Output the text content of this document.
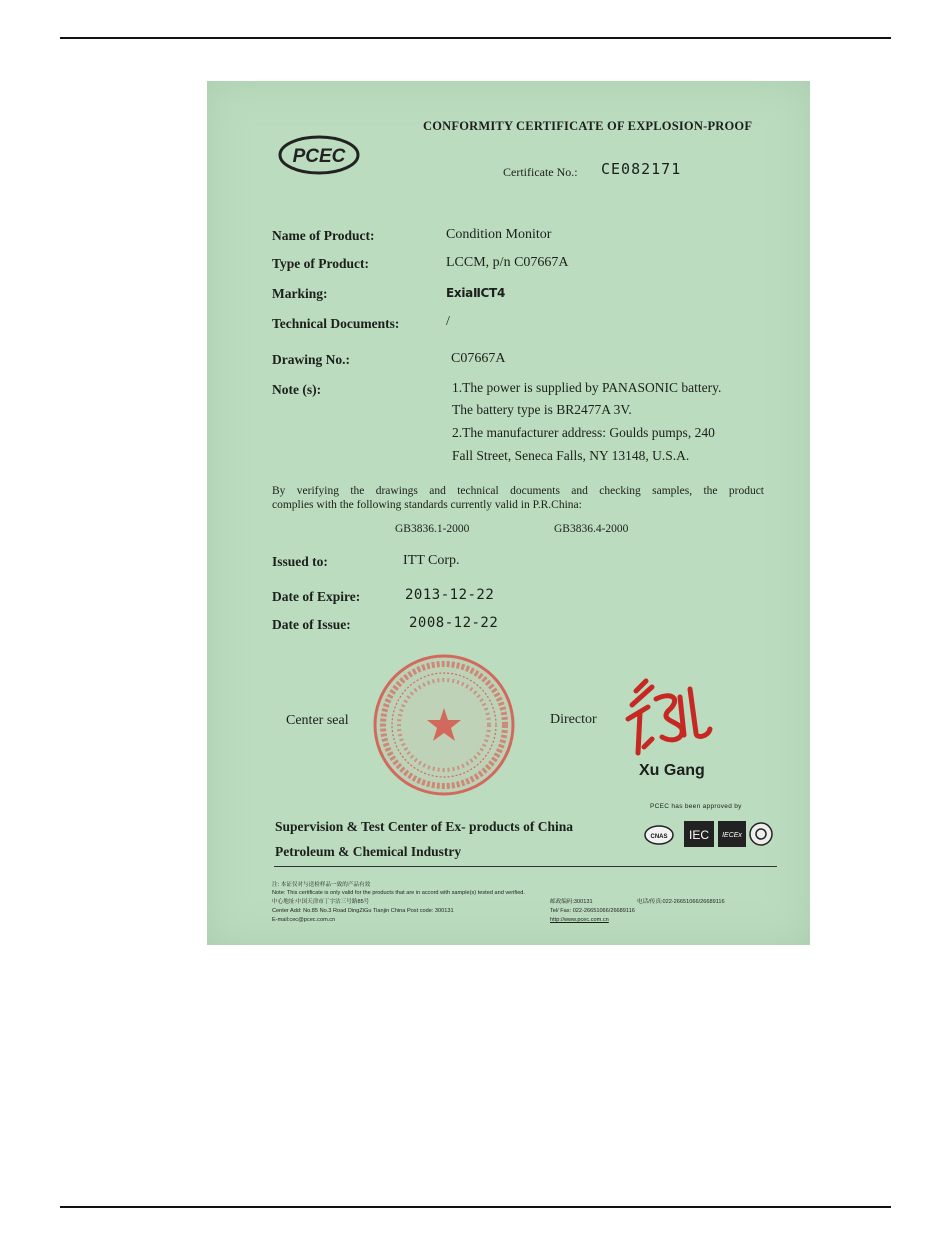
PCEC
CONFORMITY CERTIFICATE OF EXPLOSION-PROOF
Certificate No.: CE082171
Name of Product:	Condition Monitor
Type of Product:	LCCM, p/n C07667A
Marking:	ExiaⅡCT4
Technical Documents:	/
Drawing No.:	C07667A
Note (s):	1.The power is supplied by PANASONIC battery.
The battery type is BR2477A 3V.
2.The manufacturer address: Goulds pumps, 240
Fall Street, Seneca Falls, NY 13148, U.S.A.
By verifying the drawings and technical documents and checking samples, the product
complies with the following standards currently valid in P.R.China:
GB3836.1-2000	GB3836.4-2000
Issued to:	ITT Corp.
Date of Expire:	2013-12-22
Date of Issue:	2008-12-22
Center seal	Director
Xu Gang
PCEC has been approved by
Supervision & Test Center of Ex- products of China
Petroleum & Chemical Industry
CNAS IEC IECEx
注: 本证仅对与送检样品一致的产品有效
Note: This certificate is only valid for the products that are in accord with sample(s) tested and verified.
中心地址:中国天津市丁字沽三号路85号
Center Add: No.85 No.3 Road DingZiGu Tianjin China Post code: 300131
E-mail:cec@pcec.com.cn
邮政编码:300131	电话/传真:022-26651066/26689116
Tel/ Fax: 022-26651066/26689116
http://www.pcec.com.cn
